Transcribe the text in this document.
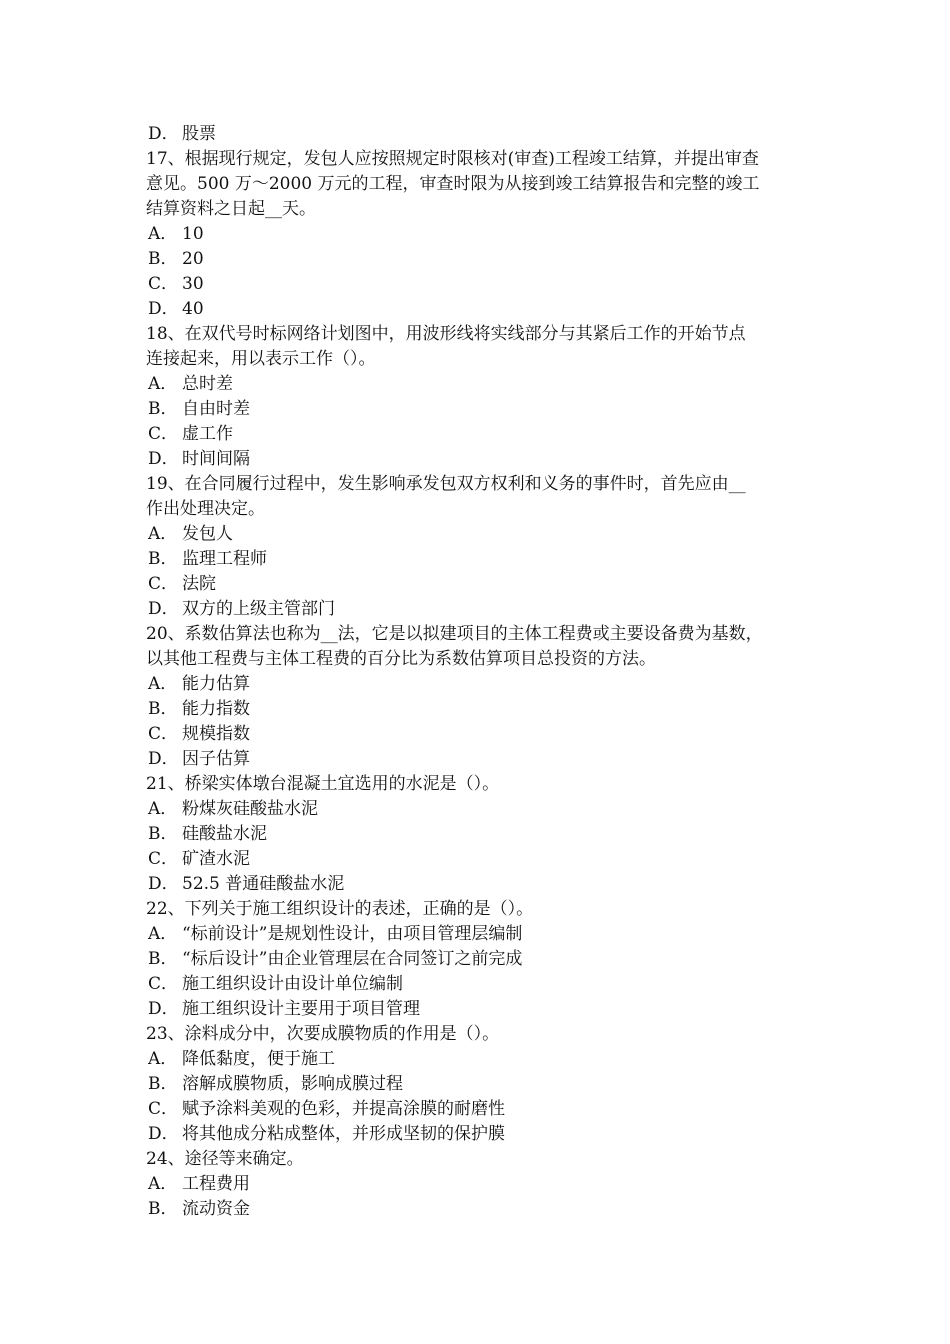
D． 股票
17、根据现行规定，发包人应按照规定时限核对(审查)工程竣工结算，并提出审查
意见。500 万～2000 万元的工程，审查时限为从接到竣工结算报告和完整的竣工
结算资料之日起__天。
A． 10
B． 20
C． 30
D． 40
18、在双代号时标网络计划图中，用波形线将实线部分与其紧后工作的开始节点
连接起来，用以表示工作（）。
A． 总时差
B． 自由时差
C． 虚工作
D． 时间间隔
19、在合同履行过程中，发生影响承发包双方权利和义务的事件时，首先应由__
作出处理决定。
A． 发包人
B． 监理工程师
C． 法院
D． 双方的上级主管部门
20、系数估算法也称为__法，它是以拟建项目的主体工程费或主要设备费为基数，
以其他工程费与主体工程费的百分比为系数估算项目总投资的方法。
A． 能力估算
B． 能力指数
C． 规模指数
D． 因子估算
21、桥梁实体墩台混凝土宜选用的水泥是（）。
A． 粉煤灰硅酸盐水泥
B． 硅酸盐水泥
C． 矿渣水泥
D． 52.5 普通硅酸盐水泥
22、下列关于施工组织设计的表述，正确的是（）。
A． “标前设计”是规划性设计，由项目管理层编制
B． “标后设计”由企业管理层在合同签订之前完成
C． 施工组织设计由设计单位编制
D． 施工组织设计主要用于项目管理
23、涂料成分中，次要成膜物质的作用是（）。
A． 降低黏度，便于施工
B． 溶解成膜物质，影响成膜过程
C． 赋予涂料美观的色彩，并提高涂膜的耐磨性
D． 将其他成分粘成整体，并形成坚韧的保护膜
24、途径等来确定。
A． 工程费用
B． 流动资金
